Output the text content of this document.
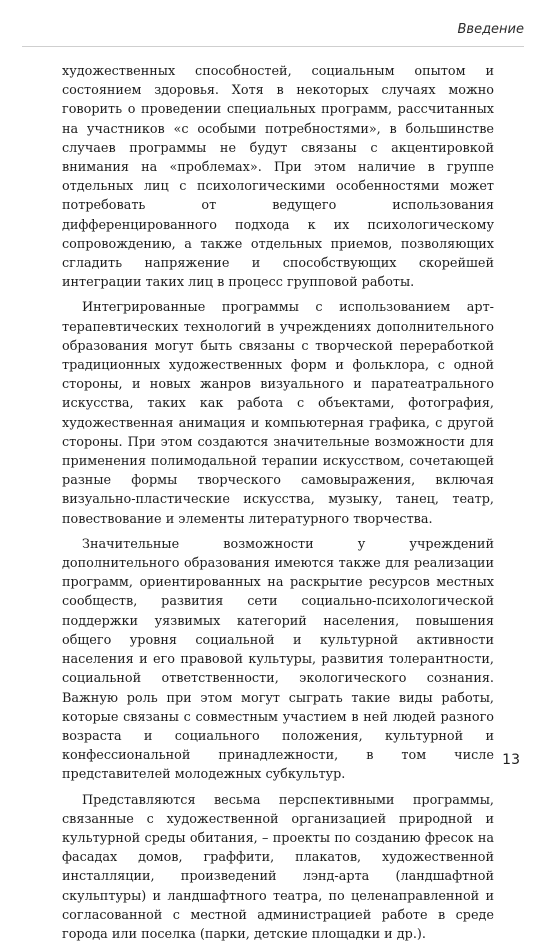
Введение

художественных способностей, социальным опытом и состоянием здоровья. Хотя в некоторых случаях можно говорить о проведении специальных программ, рассчитанных на участников «с особыми потребностями», в большинстве случаев программы не будут связаны с акцентировкой внимания на «проблемах». При этом наличие в группе отдельных лиц с психологическими особенностями может потребовать от ведущего использования дифференцированного подхода к их психологическому сопровождению, а также отдельных приемов, позволяющих сгладить напряжение и способствующих скорейшей интеграции таких лиц в процесс групповой работы.

Интегрированные программы с использованием арт-терапевтических технологий в учреждениях дополнительного образования могут быть связаны с творческой переработкой традиционных художественных форм и фольклора, с одной стороны, и новых жанров визуального и паратеатрального искусства, таких как работа с объектами, фотография, художественная анимация и компьютерная графика, с другой стороны. При этом создаются значительные возможности для применения полимодальной терапии искусством, сочетающей разные формы творческого самовыражения, включая визуально-пластические искусства, музыку, танец, театр, повествование и элементы литературного творчества.

Значительные возможности у учреждений дополнительного образования имеются также для реализации программ, ориентированных на раскрытие ресурсов местных сообществ, развития сети социально-психологической поддержки уязвимых категорий населения, повышения общего уровня социальной и культурной активности населения и его правовой культуры, развития толерантности, социальной ответственности, экологического сознания. Важную роль при этом могут сыграть такие виды работы, которые связаны с совместным участием в ней людей разного возраста и социального положения, культурной и конфессиональной принадлежности, в том числе представителей молодежных субкультур.

Представляются весьма перспективными программы, связанные с художественной организацией природной и культурной среды обитания, – проекты по созданию фресок на фасадах домов, граффити, плакатов, художественной инсталляции, произведений лэнд-арта (ландшафтной скульптуры) и ландшафтного театра, по целенаправленной и согласованной с местной администрацией работе в среде города или поселка (парки, детские площадки и др.).

13
